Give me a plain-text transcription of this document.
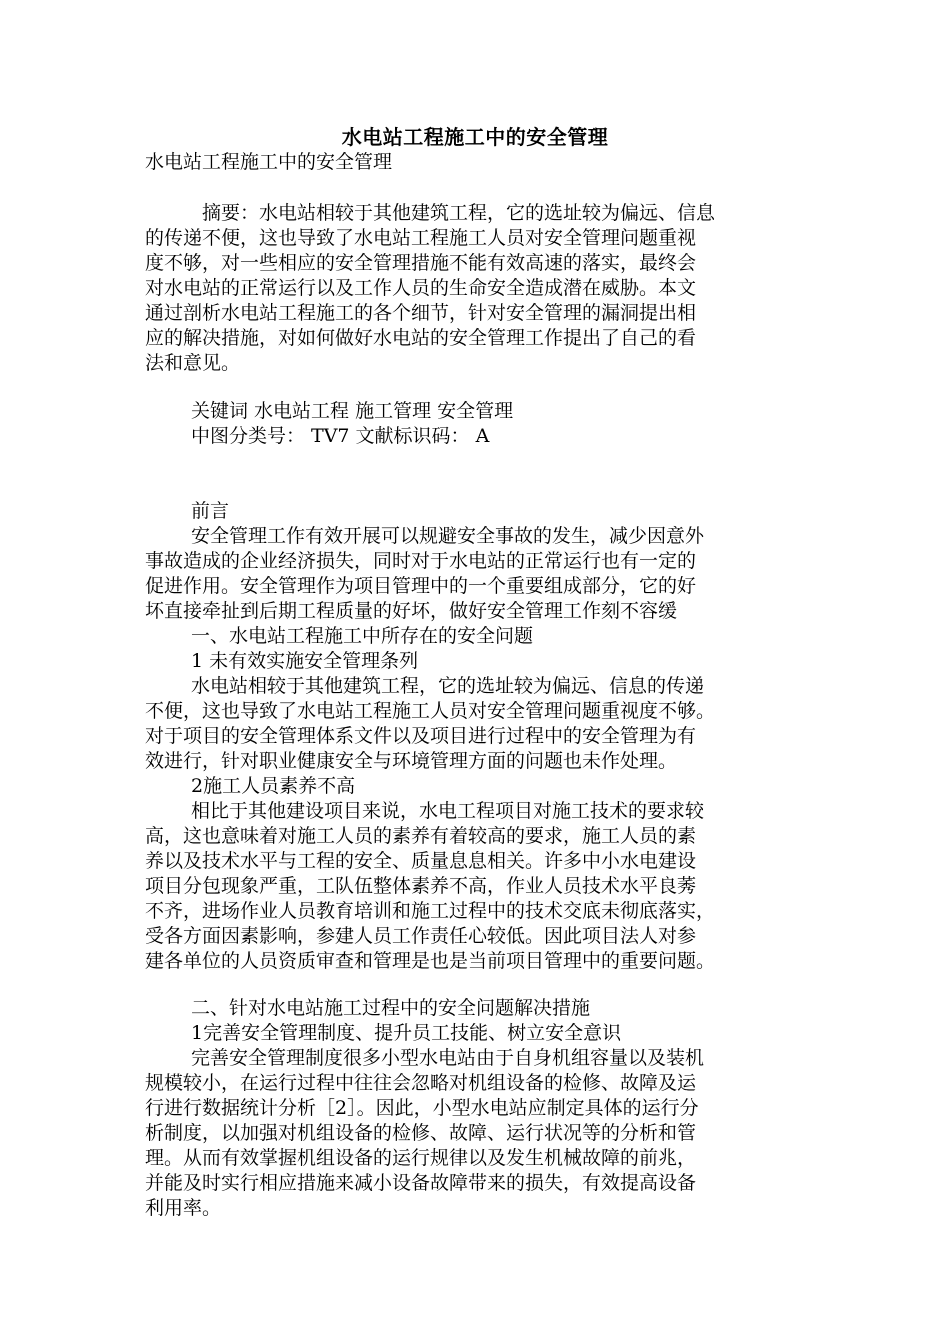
水电站工程施工中的安全管理
水电站工程施工中的安全管理
摘要：水电站相较于其他建筑工程，它的选址较为偏远、信息
的传递不便，这也导致了水电站工程施工人员对安全管理问题重视
度不够，对一些相应的安全管理措施不能有效高速的落实，最终会
对水电站的正常运行以及工作人员的生命安全造成潜在威胁。本文
通过剖析水电站工程施工的各个细节，针对安全管理的漏洞提出相
应的解决措施，对如何做好水电站的安全管理工作提出了自己的看
法和意见。
关键词 水电站工程 施工管理 安全管理
中图分类号： TV7 文献标识码： A
前言
安全管理工作有效开展可以规避安全事故的发生，减少因意外
事故造成的企业经济损失，同时对于水电站的正常运行也有一定的
促进作用。安全管理作为项目管理中的一个重要组成部分，它的好
坏直接牵扯到后期工程质量的好坏，做好安全管理工作刻不容缓
一、水电站工程施工中所存在的安全问题
1 未有效实施安全管理条列
水电站相较于其他建筑工程，它的选址较为偏远、信息的传递
不便，这也导致了水电站工程施工人员对安全管理问题重视度不够。
对于项目的安全管理体系文件以及项目进行过程中的安全管理为有
效进行，针对职业健康安全与环境管理方面的问题也未作处理。
2施工人员素养不高
相比于其他建设项目来说，水电工程项目对施工技术的要求较
高，这也意味着对施工人员的素养有着较高的要求，施工人员的素
养以及技术水平与工程的安全、质量息息相关。许多中小水电建设
项目分包现象严重，工队伍整体素养不高，作业人员技术水平良莠
不齐，进场作业人员教育培训和施工过程中的技术交底未彻底落实，
受各方面因素影响，参建人员工作责任心较低。因此项目法人对参
建各单位的人员资质审查和管理是也是当前项目管理中的重要问题。
二、针对水电站施工过程中的安全问题解决措施
1完善安全管理制度、提升员工技能、树立安全意识
完善安全管理制度很多小型水电站由于自身机组容量以及装机
规模较小，在运行过程中往往会忽略对机组设备的检修、故障及运
行进行数据统计分析［2］。因此，小型水电站应制定具体的运行分
析制度，以加强对机组设备的检修、故障、运行状况等的分析和管
理。从而有效掌握机组设备的运行规律以及发生机械故障的前兆，
并能及时实行相应措施来减小设备故障带来的损失，有效提高设备
利用率。
